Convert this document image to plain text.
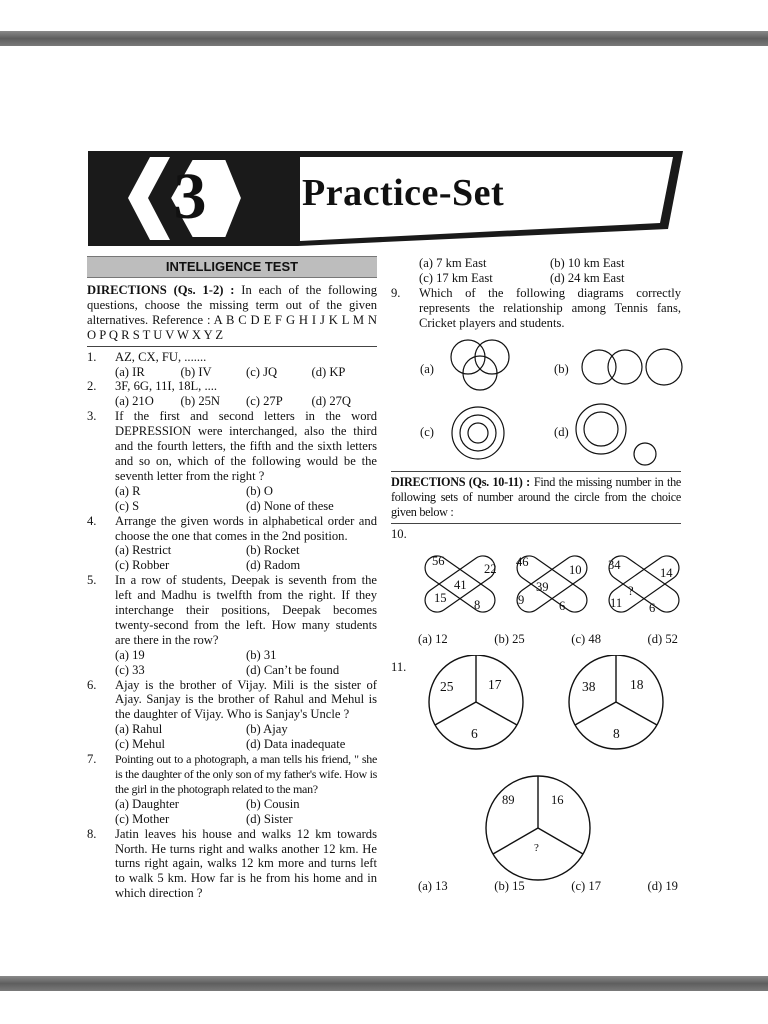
3	Practice-Set
INTELLIGENCE TEST
DIRECTIONS (Qs. 1-2) : In each of the following questions, choose the missing term out of the given alternatives. Reference : A B C D E F G H I J K L M N O P Q R S T U V W X Y Z
1.	AZ, CX, FU, .......
(a) IR	(b) IV	(c) JQ	(d) KP
2.	3F, 6G, 11I, 18L, ....
(a) 21O	(b) 25N	(c) 27P	(d) 27Q
3.	If the first and second letters in the word DEPRESSION were interchanged, also the third and the fourth letters, the fifth and the sixth letters and so on, which of the following would be the seventh letter from the right ?
(a) R	(b) O
(c) S	(d) None of these
4.	Arrange the given words in alphabetical order and choose the one that comes in the 2nd position.
(a) Restrict	(b) Rocket
(c) Robber	(d) Radom
5.	In a row of students, Deepak is seventh from the left and Madhu is twelfth from the right. If they interchange their positions, Deepak becomes twenty-second from the left. How many students are there in the row?
(a) 19	(b) 31
(c) 33	(d) Can’t be found
6.	Ajay is the brother of Vijay. Mili is the sister of Ajay. Sanjay is the brother of Rahul and Mehul is the daughter of Vijay. Who is Sanjay's Uncle ?
(a) Rahul	(b) Ajay
(c) Mehul	(d) Data inadequate
7.	Pointing out to a photograph, a man tells his friend, " she is the daughter of the only son of my father's wife. How is the girl in the photograph related to the man?
(a) Daughter	(b) Cousin
(c) Mother	(d) Sister
8.	Jatin leaves his house and walks 12 km towards North. He turns right and walks another 12 km. He turns right again, walks 12 km more and turns left to walk 5 km. How far is he from his home and in which direction ?
(a) 7 km East	(b) 10 km East
(c) 17 km East	(d) 24 km East
9.	Which of the following diagrams correctly represents the relationship among Tennis fans, Cricket players and students.
(a)	(b)
(c)	(d)
DIRECTIONS (Qs. 10-11) : Find the missing number in the following sets of number around the circle from the choice given below :
10.
56
22
41
15 8
46
10
39
9	6
34
14
?
11 6
(a) 12	(b) 25	(c) 48	(d) 52
11.
25	17
6
38	18
8
89	16
?
(a) 13	(b) 15	(c) 17	(d) 19
